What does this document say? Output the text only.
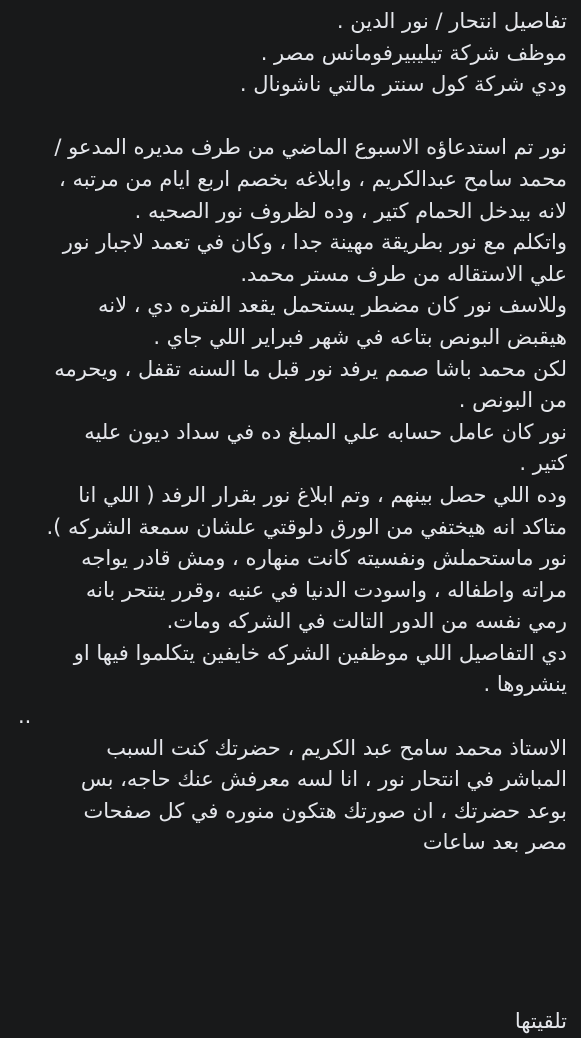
تفاصيل انتحار / نور الدين .
موظف شركة تيليبيرفومانس مصر .
ودي شركة كول سنتر مالتي ناشونال .
نور تم استدعاؤه الاسبوع الماضي من طرف مديره المدعو /
محمد سامح عبدالكريم ، وابلاغه بخصم اربع ايام من مرتبه ،
لانه بيدخل الحمام كتير ، وده لظروف نور الصحيه .
واتكلم مع نور بطريقة مهينة جدا ، وكان في تعمد لاجبار نور
علي الاستقاله من طرف مستر محمد.
وللاسف نور كان مضطر يستحمل يقعد الفتره دي ، لانه
هيقبض البونص بتاعه في شهر فبراير اللي جاي .
لكن محمد باشا صمم يرفد نور قبل ما السنه تقفل ، ويحرمه
من البونص .
نور كان عامل حسابه علي المبلغ ده في سداد ديون عليه
كتير .
وده اللي حصل بينهم ، وتم ابلاغ نور بقرار الرفد ( اللي انا
متاكد انه هيختفي من الورق دلوقتي علشان سمعة الشركه ).
نور ماستحملش ونفسيته كانت منهاره ، ومش قادر يواجه
مراته واطفاله ، واسودت الدنيا في عنيه ،وقرر ينتحر بانه
رمي نفسه من الدور التالت في الشركه ومات.
دي التفاصيل اللي موظفين الشركه خايفين يتكلموا فيها او
ينشروها .
..
الاستاذ محمد سامح عبد الكريم ، حضرتك كنت السبب
المباشر في انتحار نور ، انا لسه معرفش عنك حاجه، بس
بوعد حضرتك ، ان صورتك هتكون منوره في كل صفحات
مصر بعد ساعات
تلقيتها
